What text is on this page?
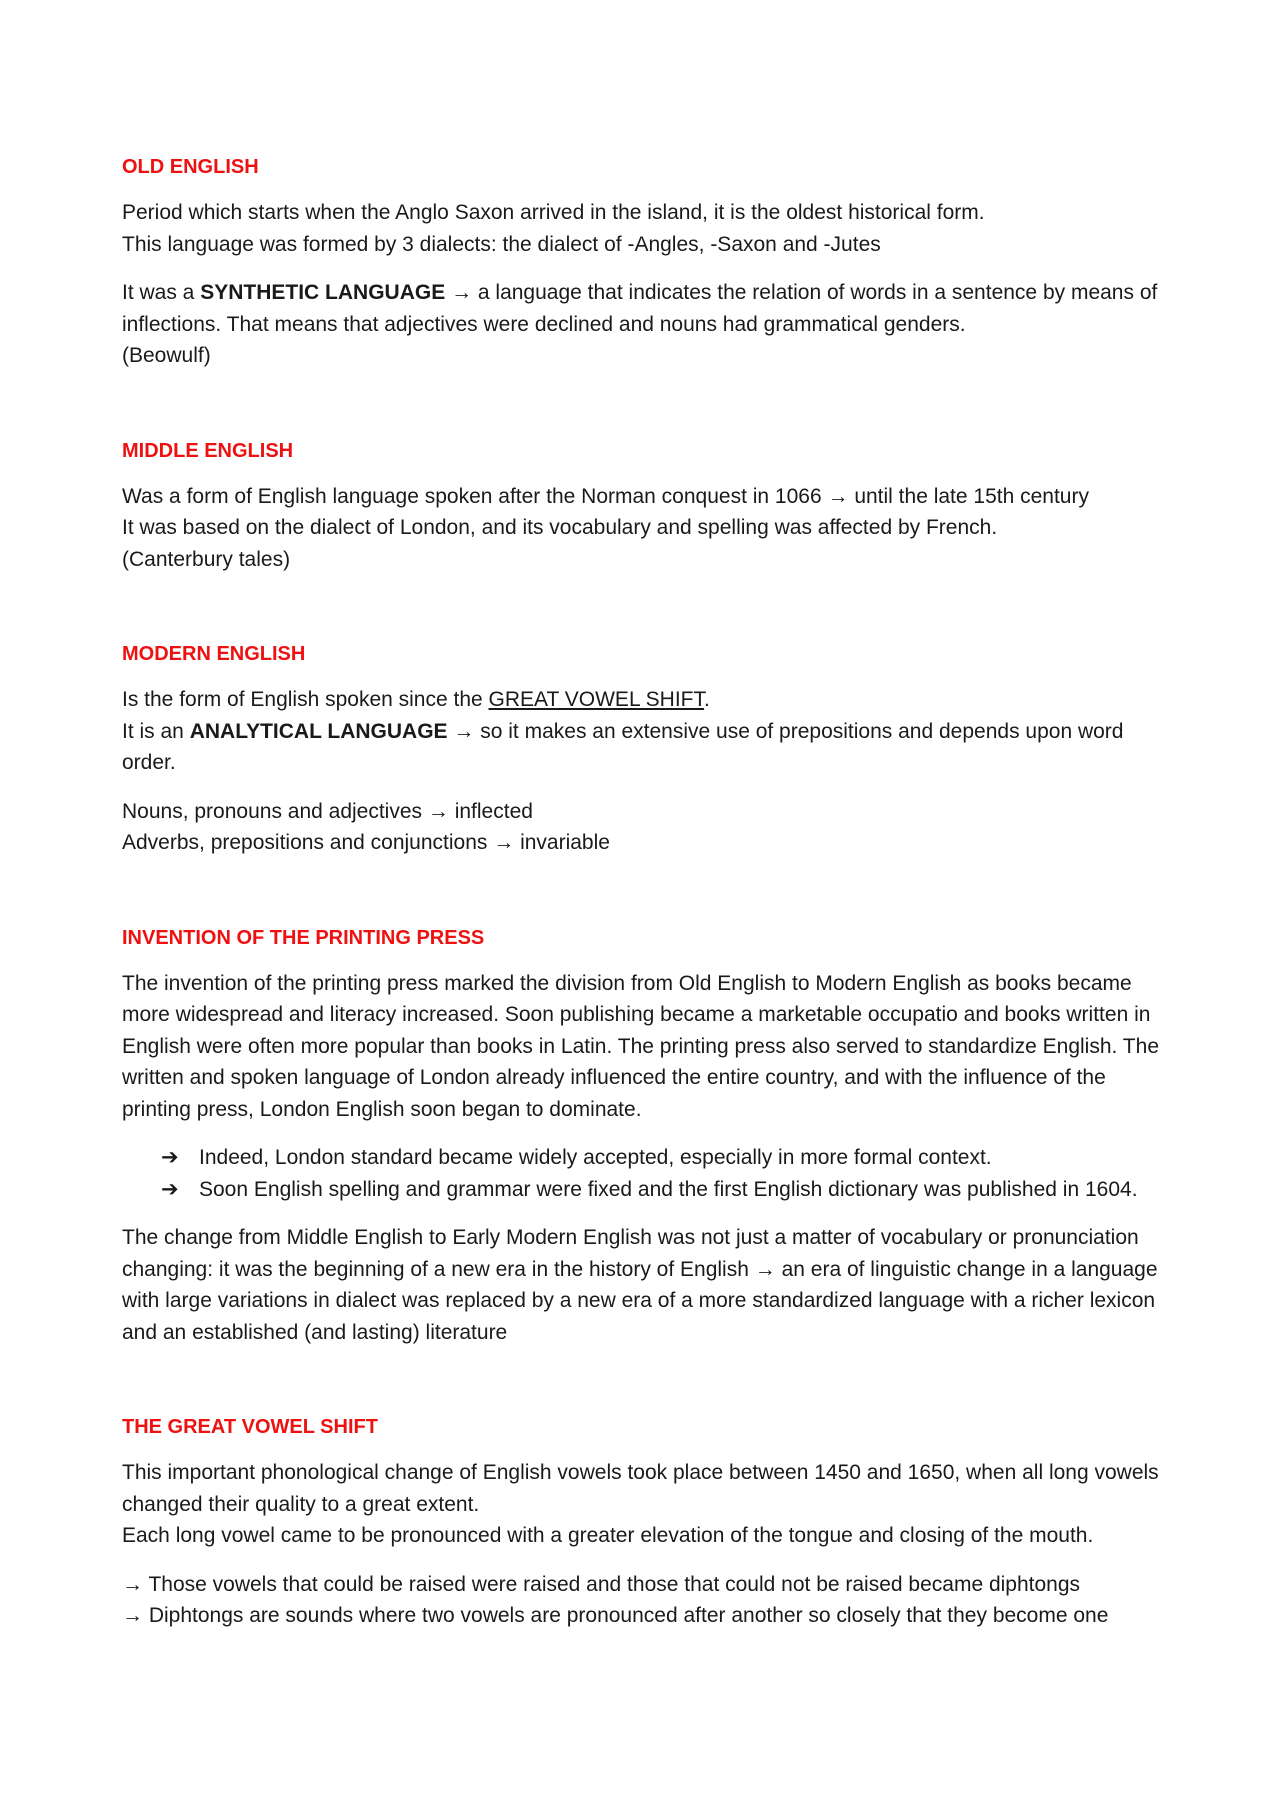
OLD ENGLISH

Period which starts when the Anglo Saxon arrived in the island, it is the oldest historical form.
This language was formed by 3 dialects: the dialect of -Angles, -Saxon and -Jutes

It was a SYNTHETIC LANGUAGE → a language that indicates the relation of words in a sentence by means of inflections. That means that adjectives were declined and nouns had grammatical genders.
(Beowulf)

MIDDLE ENGLISH

Was a form of English language spoken after the Norman conquest in 1066 → until the late 15th century
It was based on the dialect of London, and its vocabulary and spelling was affected by French.
(Canterbury tales)

MODERN ENGLISH

Is the form of English spoken since the GREAT VOWEL SHIFT.
It is an ANALYTICAL LANGUAGE → so it makes an extensive use of prepositions and depends upon word order.

Nouns, pronouns and adjectives → inflected
Adverbs, prepositions and conjunctions → invariable

INVENTION OF THE PRINTING PRESS

The invention of the printing press marked the division from Old English to Modern English as books became more widespread and literacy increased. Soon publishing became a marketable occupatio and books written in English were often more popular than books in Latin. The printing press also served to standardize English. The written and spoken language of London already influenced the entire country, and with the influence of the printing press, London English soon began to dominate.

➔ Indeed, London standard became widely accepted, especially in more formal context.
➔ Soon English spelling and grammar were fixed and the first English dictionary was published in 1604.

The change from Middle English to Early Modern English was not just a matter of vocabulary or pronunciation changing: it was the beginning of a new era in the history of English → an era of linguistic change in a language with large variations in dialect was replaced by a new era of a more standardized language with a richer lexicon and an established (and lasting) literature

THE GREAT VOWEL SHIFT

This important phonological change of English vowels took place between 1450 and 1650, when all long vowels changed their quality to a great extent.
Each long vowel came to be pronounced with a greater elevation of the tongue and closing of the mouth.

→ Those vowels that could be raised were raised and those that could not be raised became diphtongs
→ Diphtongs are sounds where two vowels are pronounced after another so closely that they become one
